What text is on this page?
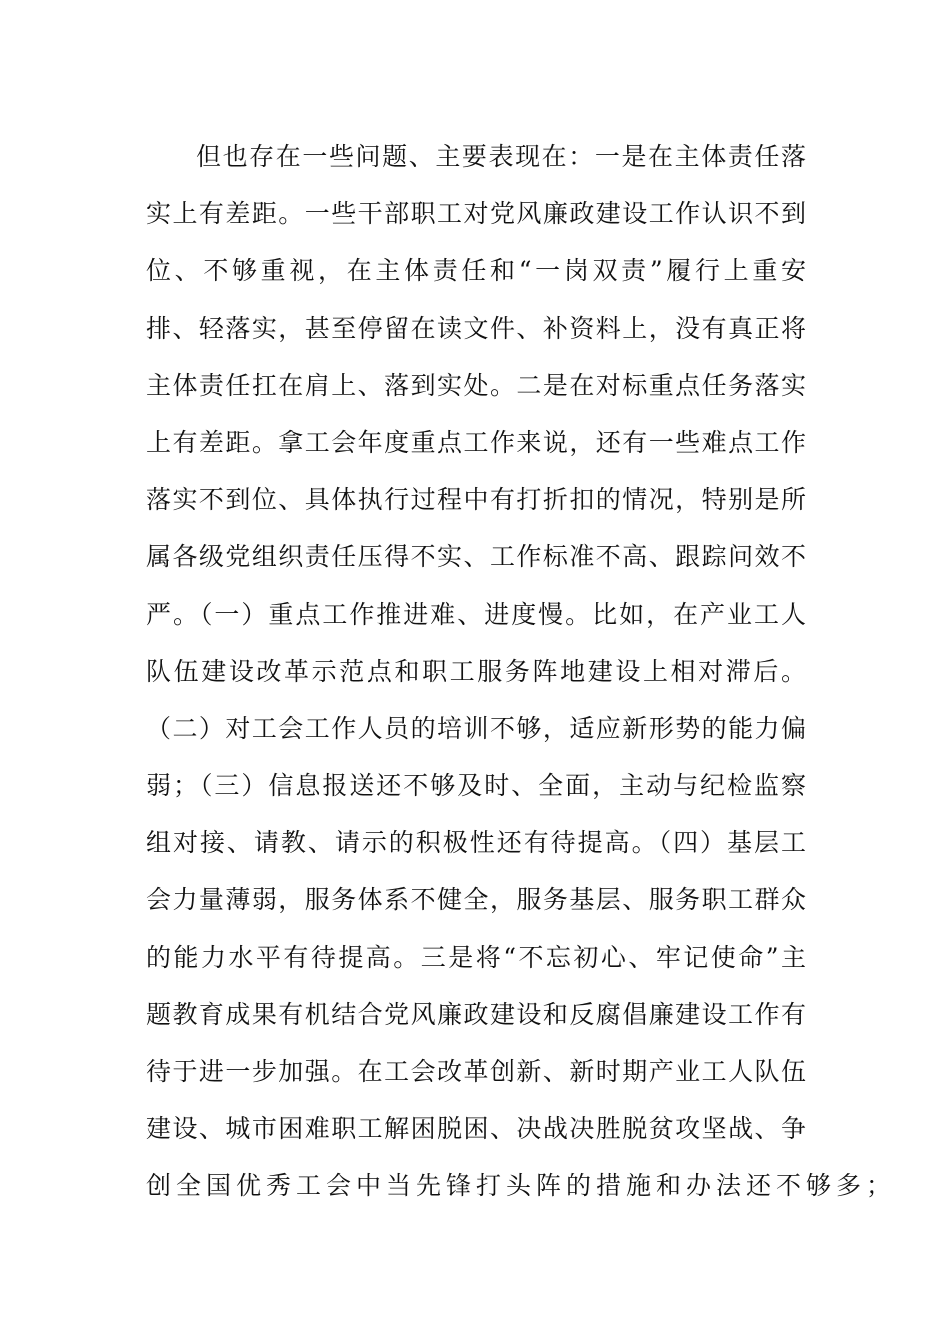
但也存在一些问题、主要表现在：一是在主体责任落
实上有差距。一些干部职工对党风廉政建设工作认识不到
位、不够重视，在主体责任和“一岗双责”履行上重安
排、轻落实，甚至停留在读文件、补资料上，没有真正将
主体责任扛在肩上、落到实处。二是在对标重点任务落实
上有差距。拿工会年度重点工作来说，还有一些难点工作
落实不到位、具体执行过程中有打折扣的情况，特别是所
属各级党组织责任压得不实、工作标准不高、跟踪问效不
严。（一）重点工作推进难、进度慢。比如，在产业工人
队伍建设改革示范点和职工服务阵地建设上相对滞后。
（二）对工会工作人员的培训不够，适应新形势的能力偏
弱；（三）信息报送还不够及时、全面，主动与纪检监察
组对接、请教、请示的积极性还有待提高。（四）基层工
会力量薄弱，服务体系不健全，服务基层、服务职工群众
的能力水平有待提高。三是将“不忘初心、牢记使命”主
题教育成果有机结合党风廉政建设和反腐倡廉建设工作有
待于进一步加强。在工会改革创新、新时期产业工人队伍
建设、城市困难职工解困脱困、决战决胜脱贫攻坚战、争
创全国优秀工会中当先锋打头阵的措施和办法还不够多；
